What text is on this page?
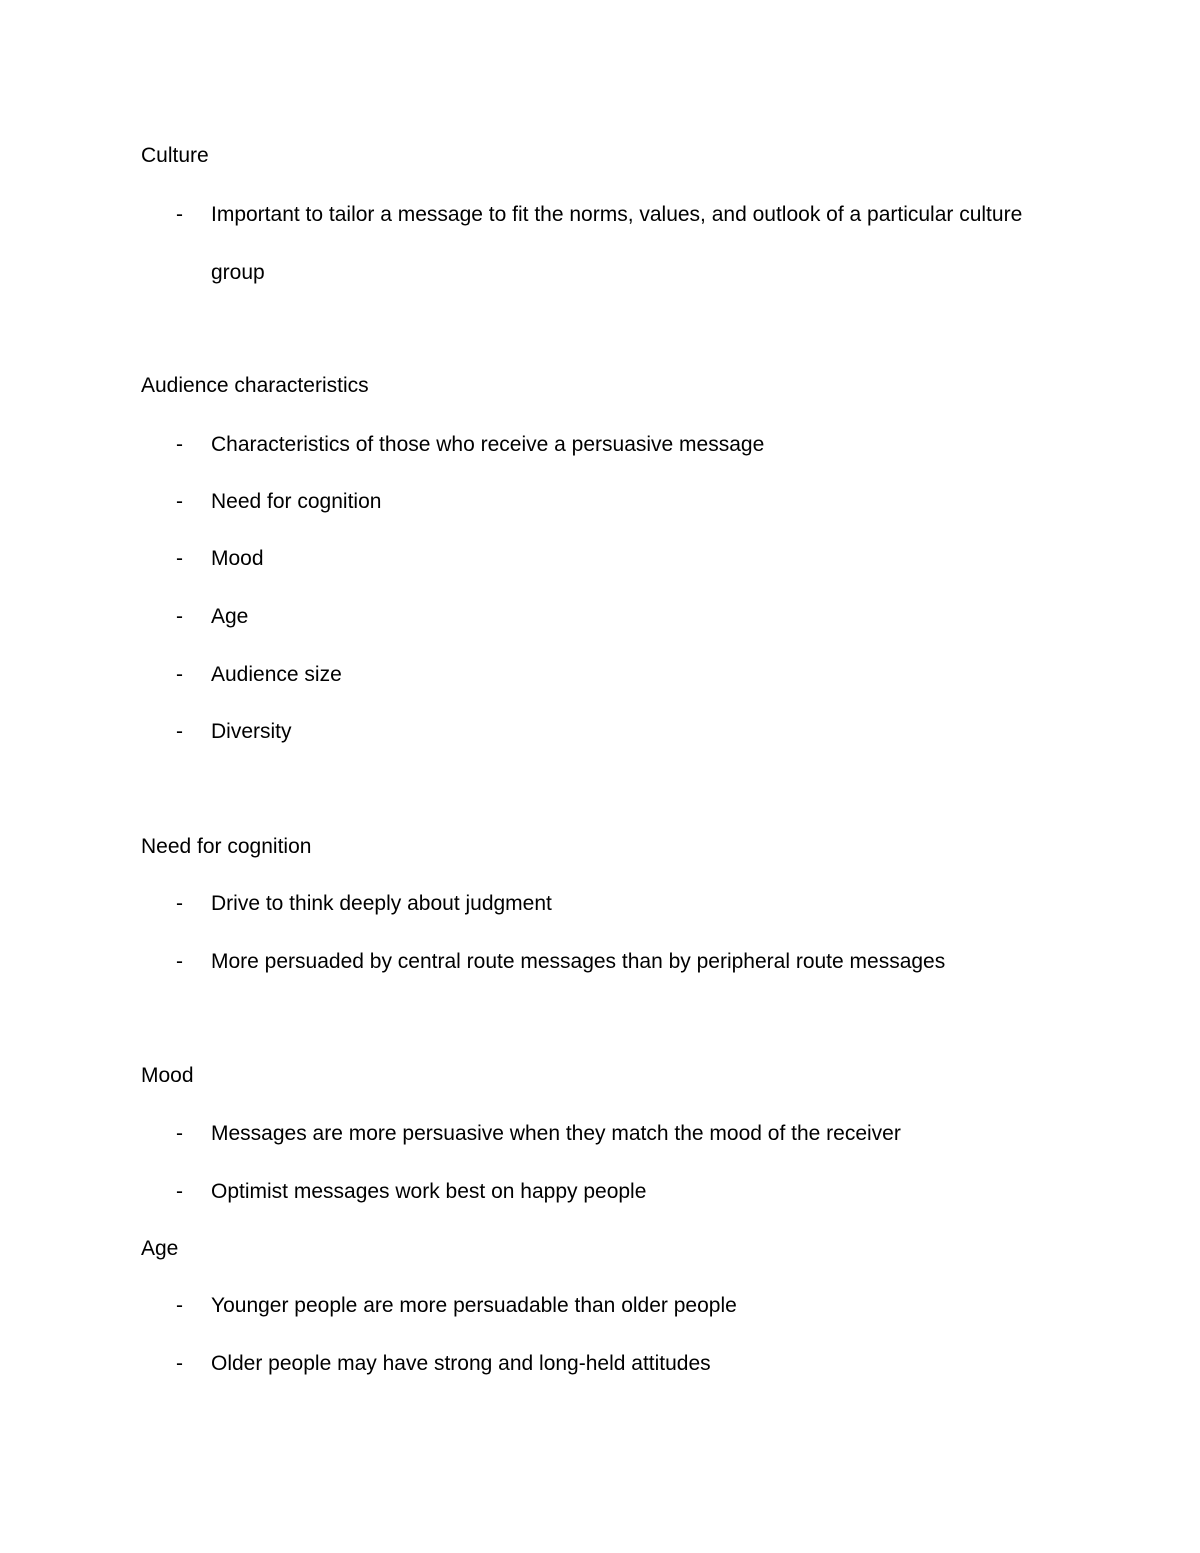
Culture
- Important to tailor a message to fit the norms, values, and outlook of a particular culture group
Audience characteristics
- Characteristics of those who receive a persuasive message
- Need for cognition
- Mood
- Age
- Audience size
- Diversity
Need for cognition
- Drive to think deeply about judgment
- More persuaded by central route messages than by peripheral route messages
Mood
- Messages are more persuasive when they match the mood of the receiver
- Optimist messages work best on happy people
Age
- Younger people are more persuadable than older people
- Older people may have strong and long-held attitudes
